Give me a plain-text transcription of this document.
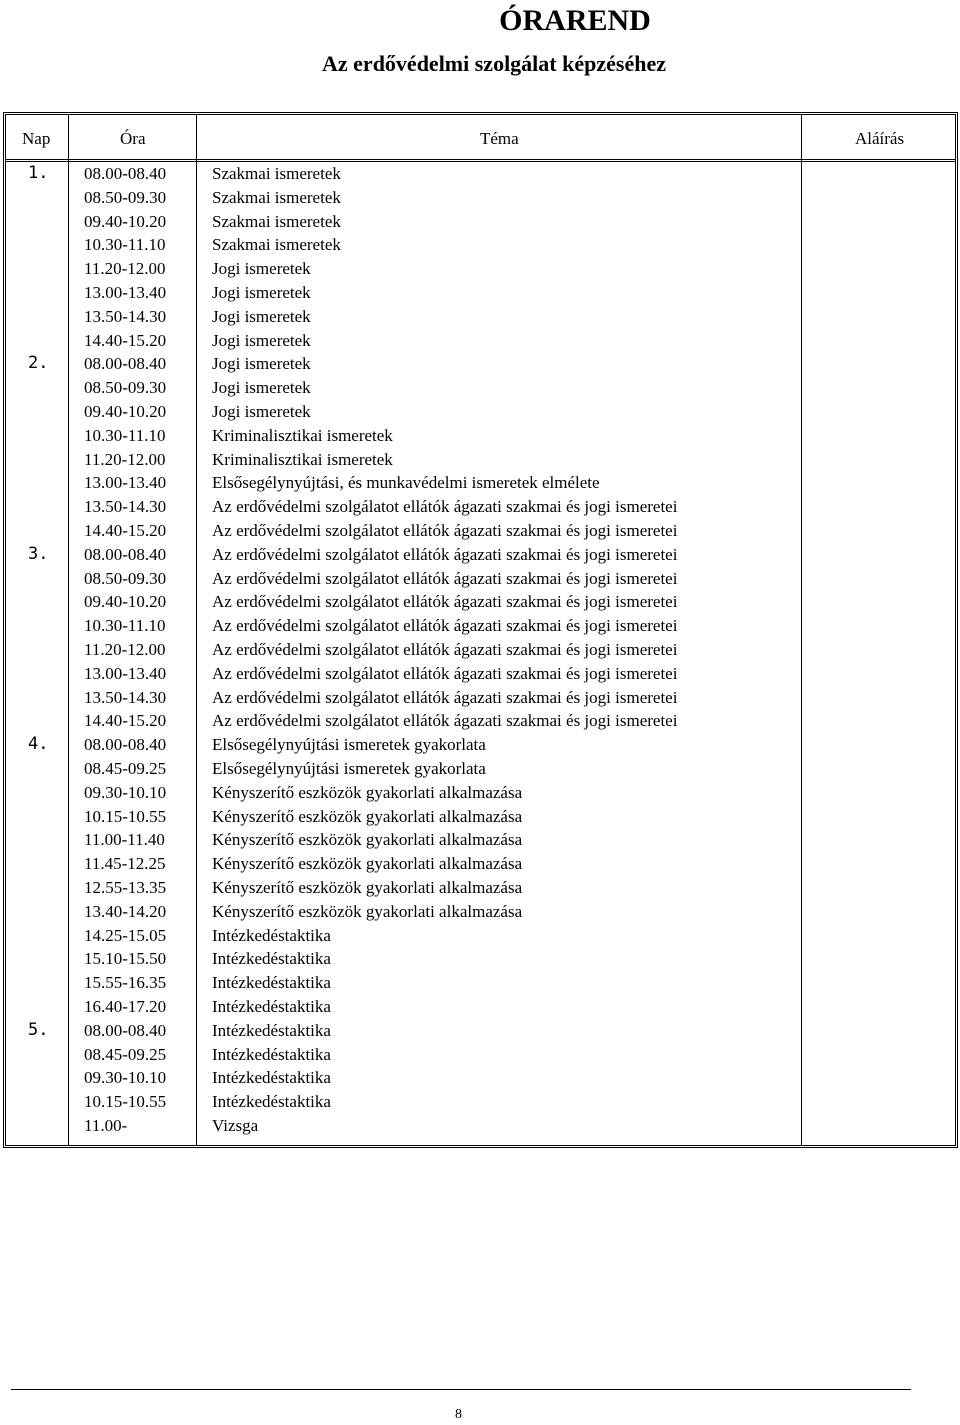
ÓRAREND
Az erdővédelmi szolgálat képzéséhez
Nap	Óra	Téma	Aláírás
1. 08.00-08.40	Szakmai ismeretek
08.50-09.30	Szakmai ismeretek
09.40-10.20	Szakmai ismeretek
10.30-11.10	Szakmai ismeretek
11.20-12.00	Jogi ismeretek
13.00-13.40	Jogi ismeretek
13.50-14.30	Jogi ismeretek
14.40-15.20	Jogi ismeretek
2. 08.00-08.40	Jogi ismeretek
08.50-09.30	Jogi ismeretek
09.40-10.20	Jogi ismeretek
10.30-11.10	Kriminalisztikai ismeretek
11.20-12.00	Kriminalisztikai ismeretek
13.00-13.40	Elsősegélynyújtási, és munkavédelmi ismeretek elmélete
13.50-14.30	Az erdővédelmi szolgálatot ellátók ágazati szakmai és jogi ismeretei
14.40-15.20	Az erdővédelmi szolgálatot ellátók ágazati szakmai és jogi ismeretei
3. 08.00-08.40	Az erdővédelmi szolgálatot ellátók ágazati szakmai és jogi ismeretei
08.50-09.30	Az erdővédelmi szolgálatot ellátók ágazati szakmai és jogi ismeretei
09.40-10.20	Az erdővédelmi szolgálatot ellátók ágazati szakmai és jogi ismeretei
10.30-11.10	Az erdővédelmi szolgálatot ellátók ágazati szakmai és jogi ismeretei
11.20-12.00	Az erdővédelmi szolgálatot ellátók ágazati szakmai és jogi ismeretei
13.00-13.40	Az erdővédelmi szolgálatot ellátók ágazati szakmai és jogi ismeretei
13.50-14.30	Az erdővédelmi szolgálatot ellátók ágazati szakmai és jogi ismeretei
14.40-15.20	Az erdővédelmi szolgálatot ellátók ágazati szakmai és jogi ismeretei
4. 08.00-08.40	Elsősegélynyújtási ismeretek gyakorlata
08.45-09.25	Elsősegélynyújtási ismeretek gyakorlata
09.30-10.10	Kényszerítő eszközök gyakorlati alkalmazása
10.15-10.55	Kényszerítő eszközök gyakorlati alkalmazása
11.00-11.40	Kényszerítő eszközök gyakorlati alkalmazása
11.45-12.25	Kényszerítő eszközök gyakorlati alkalmazása
12.55-13.35	Kényszerítő eszközök gyakorlati alkalmazása
13.40-14.20	Kényszerítő eszközök gyakorlati alkalmazása
14.25-15.05	Intézkedéstaktika
15.10-15.50	Intézkedéstaktika
15.55-16.35	Intézkedéstaktika
16.40-17.20	Intézkedéstaktika
5. 08.00-08.40	Intézkedéstaktika
08.45-09.25	Intézkedéstaktika
09.30-10.10	Intézkedéstaktika
10.15-10.55	Intézkedéstaktika
11.00-	Vizsga
8
